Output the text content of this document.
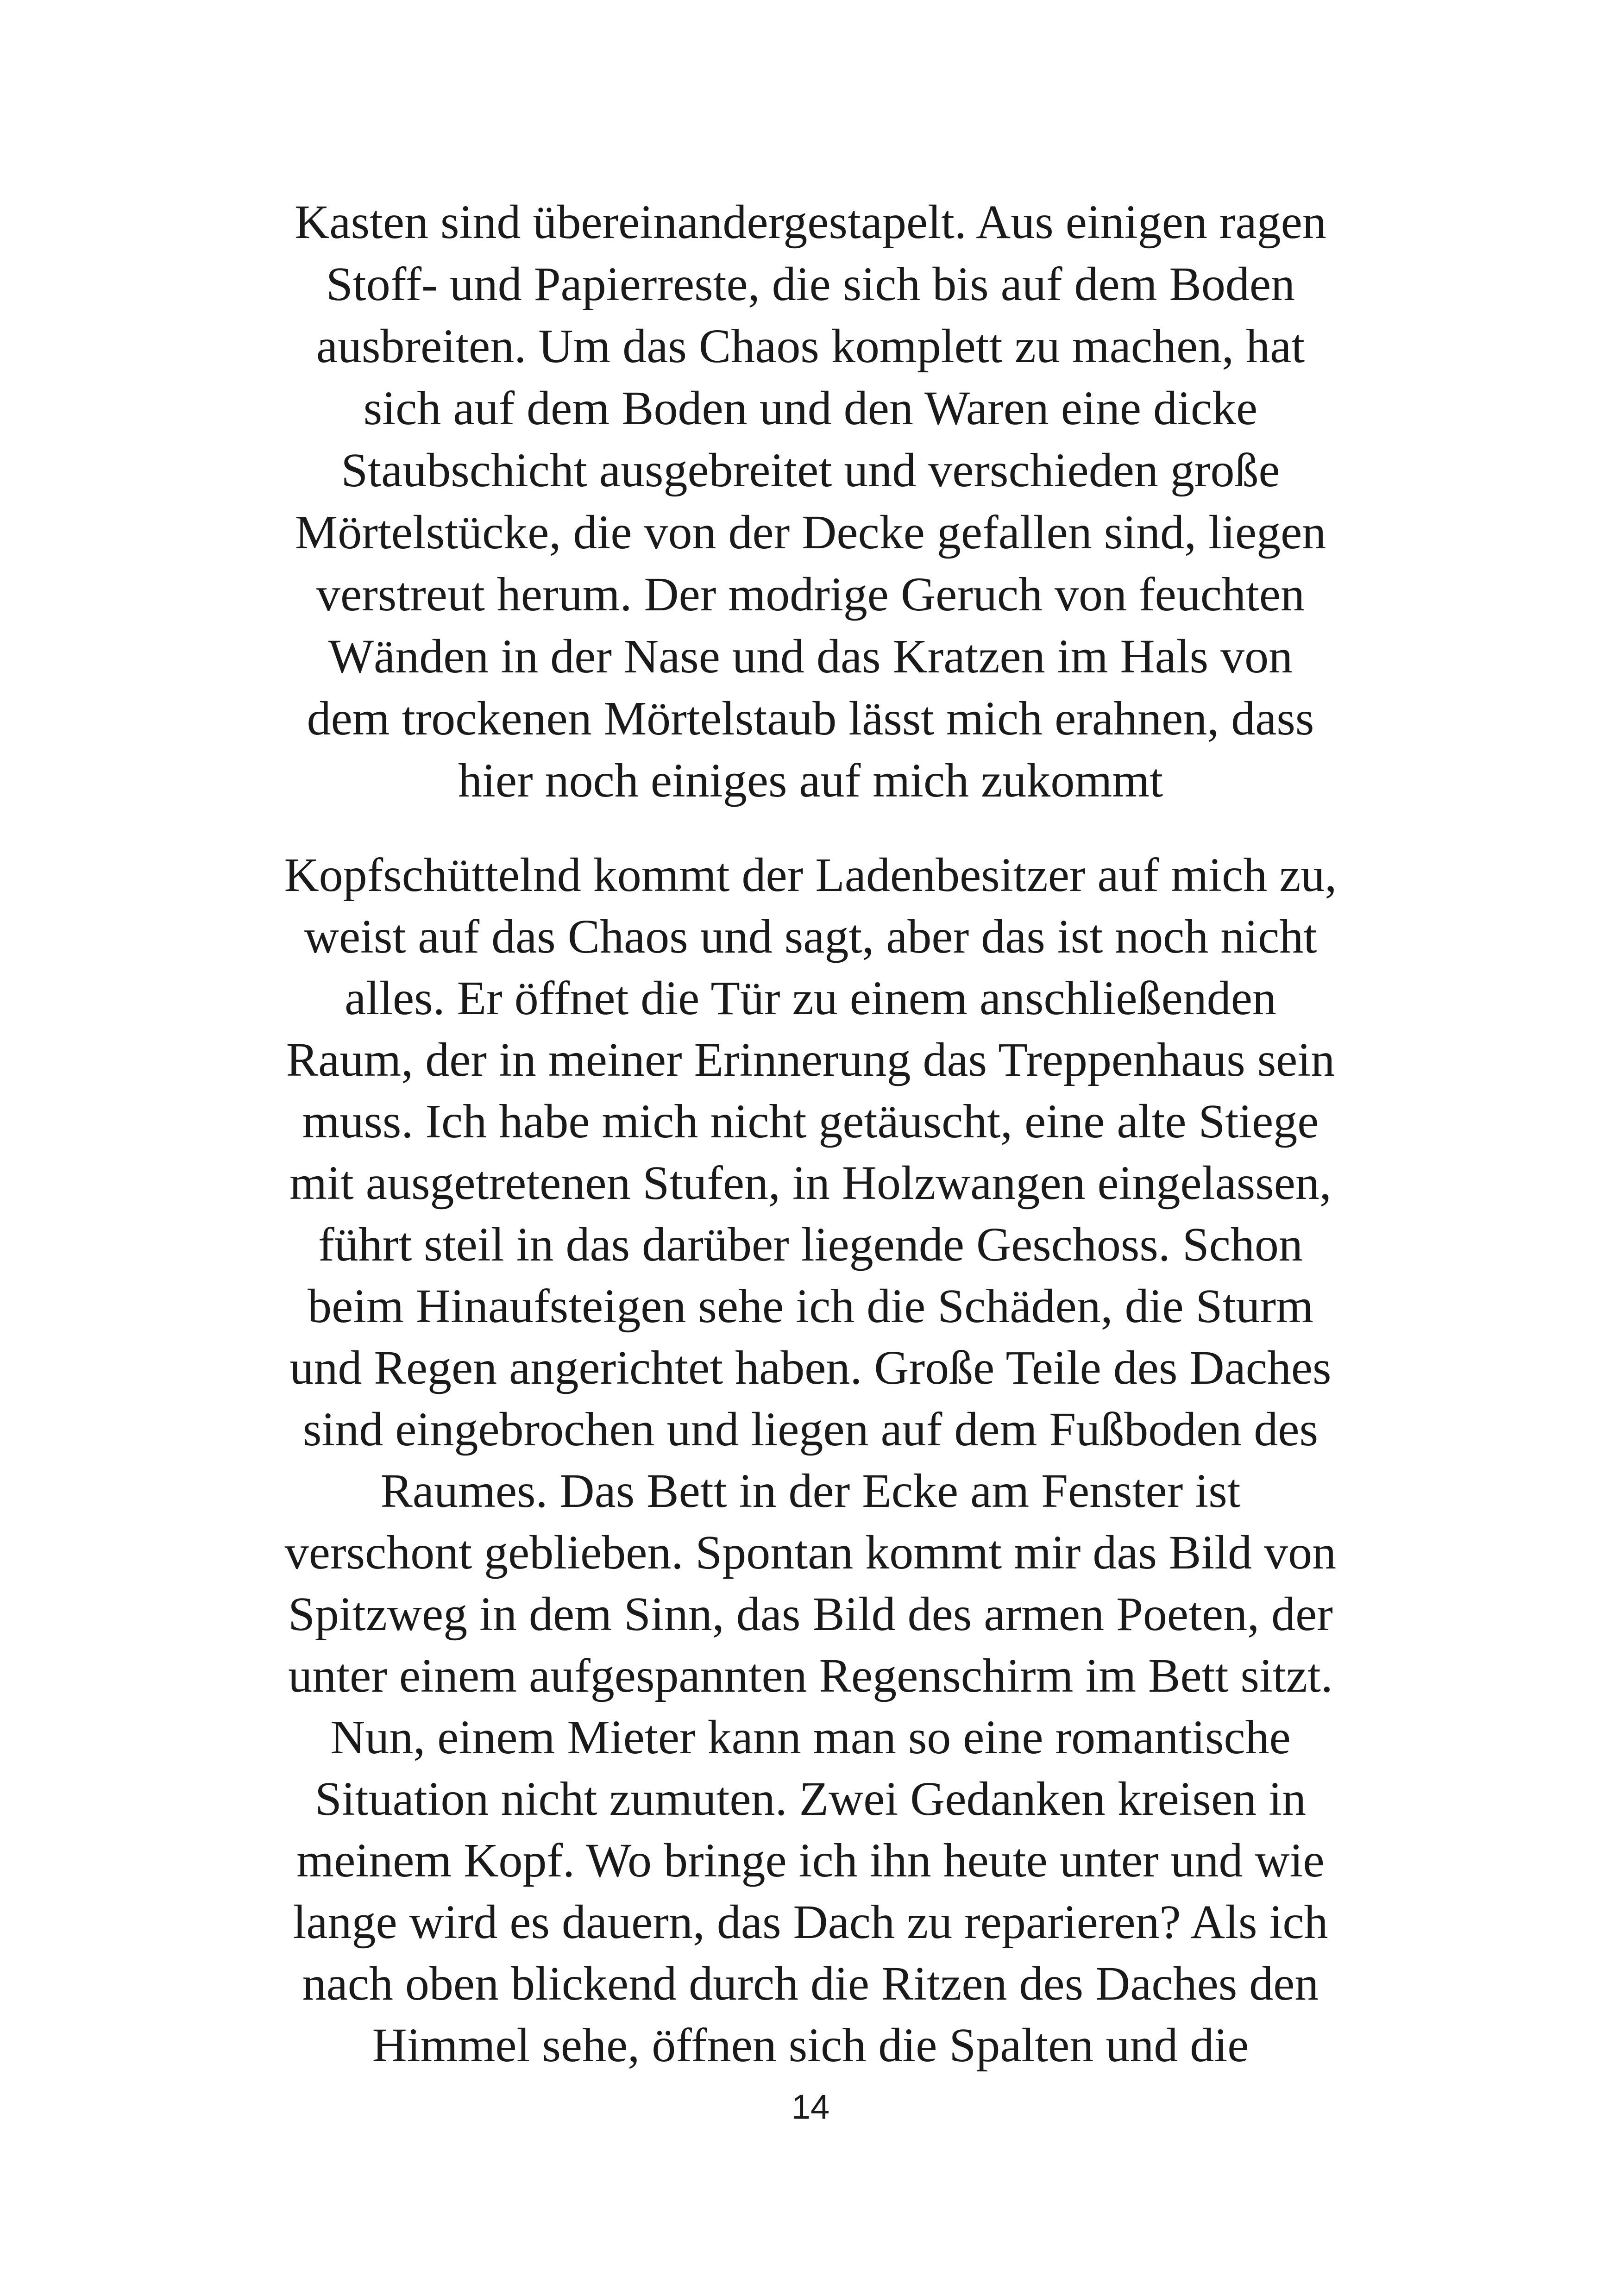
Kasten sind übereinandergestapelt. Aus einigen ragen
Stoff- und Papierreste, die sich bis auf dem Boden
ausbreiten. Um das Chaos komplett zu machen, hat
sich auf dem Boden und den Waren eine dicke
Staubschicht ausgebreitet und verschieden große
Mörtelstücke, die von der Decke gefallen sind, liegen
verstreut herum. Der modrige Geruch von feuchten
Wänden in der Nase und das Kratzen im Hals von
dem trockenen Mörtelstaub lässt mich erahnen, dass
hier noch einiges auf mich zukommt
Kopfschüttelnd kommt der Ladenbesitzer auf mich zu,
weist auf das Chaos und sagt, aber das ist noch nicht
alles. Er öffnet die Tür zu einem anschließenden
Raum, der in meiner Erinnerung das Treppenhaus sein
muss. Ich habe mich nicht getäuscht, eine alte Stiege
mit ausgetretenen Stufen, in Holzwangen eingelassen,
führt steil in das darüber liegende Geschoss. Schon
beim Hinaufsteigen sehe ich die Schäden, die Sturm
und Regen angerichtet haben. Große Teile des Daches
sind eingebrochen und liegen auf dem Fußboden des
Raumes. Das Bett in der Ecke am Fenster ist
verschont geblieben. Spontan kommt mir das Bild von
Spitzweg in dem Sinn, das Bild des armen Poeten, der
unter einem aufgespannten Regenschirm im Bett sitzt.
Nun, einem Mieter kann man so eine romantische
Situation nicht zumuten. Zwei Gedanken kreisen in
meinem Kopf. Wo bringe ich ihn heute unter und wie
lange wird es dauern, das Dach zu reparieren? Als ich
nach oben blickend durch die Ritzen des Daches den
Himmel sehe, öffnen sich die Spalten und die
14
